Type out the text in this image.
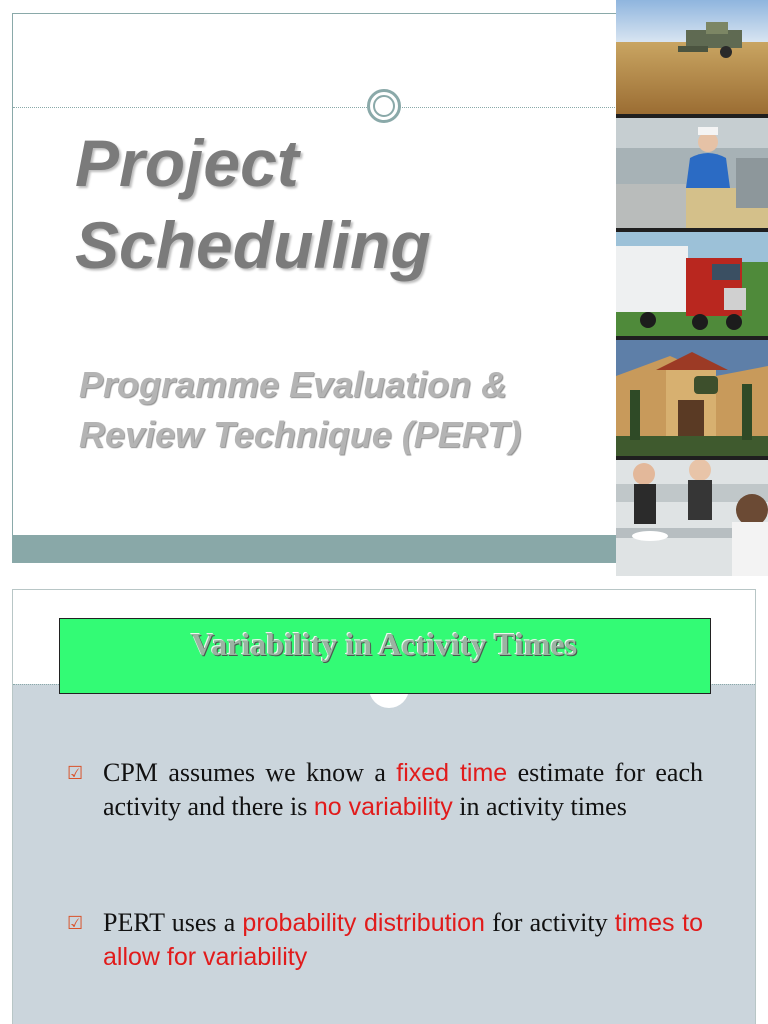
Project
Scheduling
Programme Evaluation &
Review Technique (PERT)
Variability in Activity Times
☑ CPM assumes we know a fixed time estimate for each activity and there is no variability in activity times
☑ PERT uses a probability distribution for activity times to allow for variability
